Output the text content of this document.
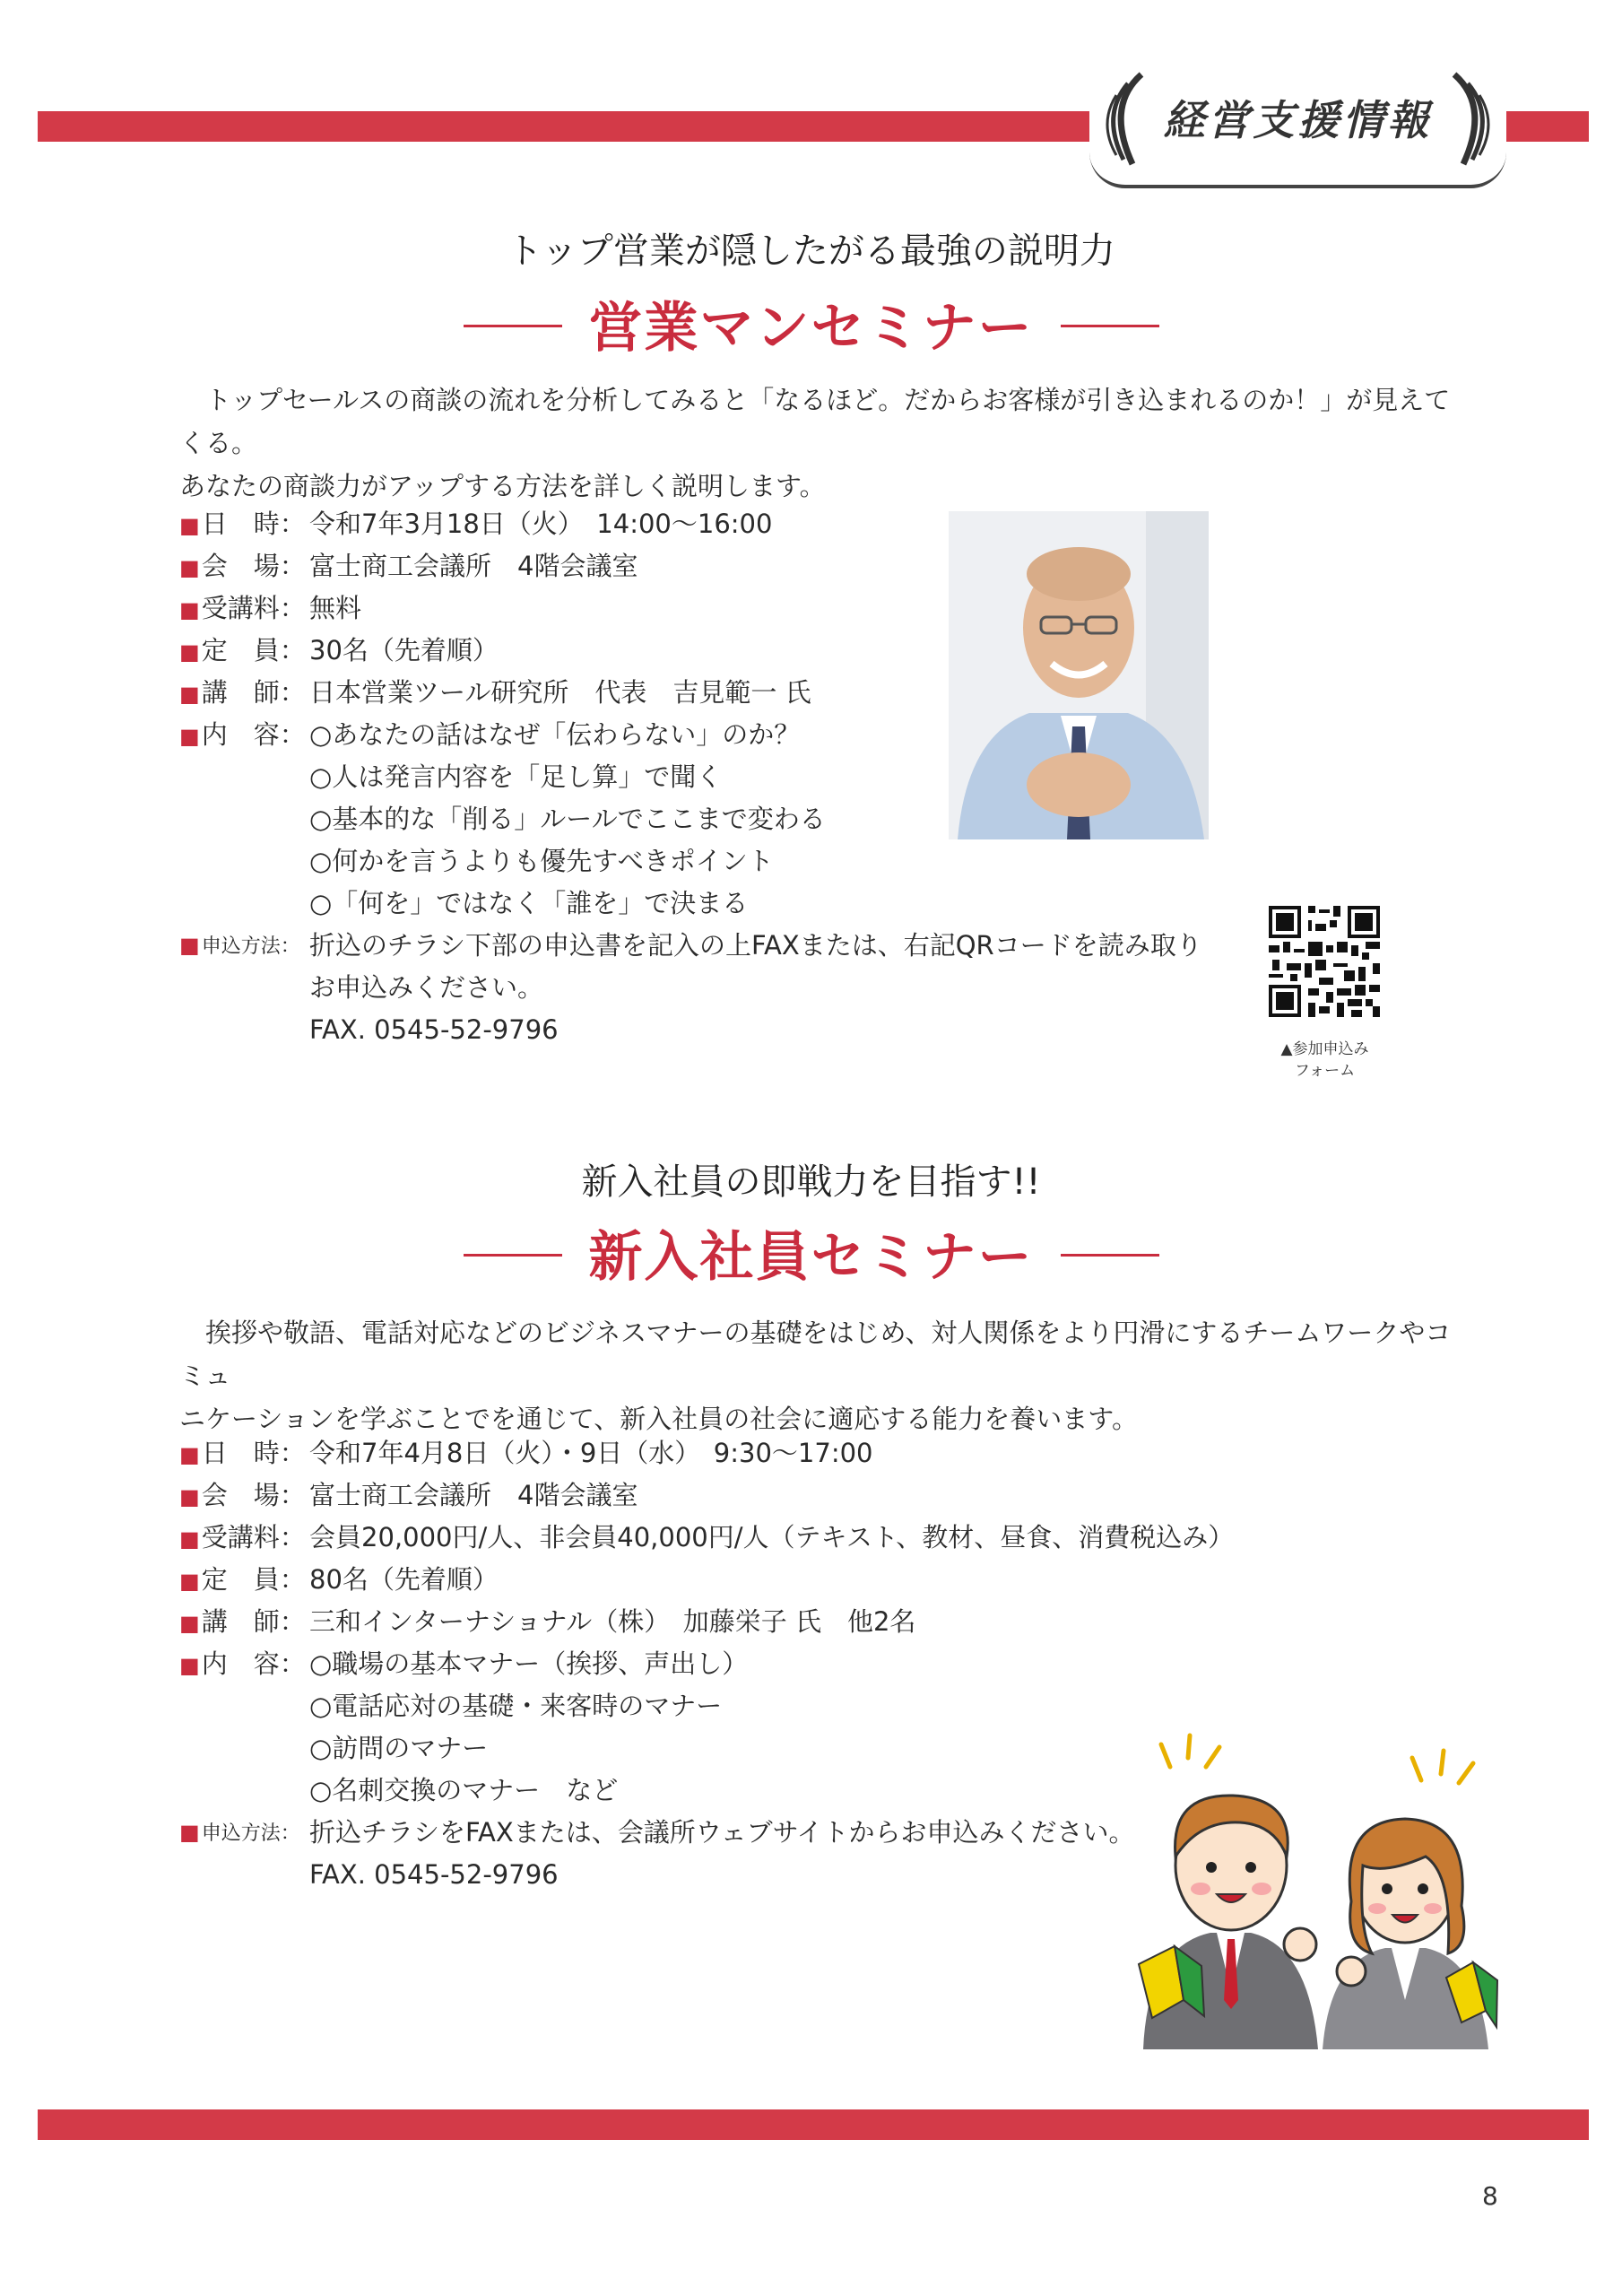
経営支援情報
トップ営業が隠したがる最強の説明力
営業マンセミナー
　トップセールスの商談の流れを分析してみると「なるほど。だからお客様が引き込まれるのか！」が見えてくる。
あなたの商談力がアップする方法を詳しく説明します。
■日　時： 令和7年3月18日（火）　14:00～16:00
■会　場： 富士商工会議所　4階会議室
■受講料： 無料
■定　員： 30名（先着順）
■講　師： 日本営業ツール研究所　代表　吉見範一 氏
■内　容： ○あなたの話はなぜ「伝わらない」のか？
○人は発言内容を「足し算」で聞く
○基本的な「削る」ルールでここまで変わる
○何かを言うよりも優先すべきポイント
○「何を」ではなく「誰を」で決まる
■申込方法： 折込のチラシ下部の申込書を記入の上FAXまたは、右記QRコードを読み取り
お申込みください。
FAX. 0545-52-9796
▲参加申込み
フォーム
新入社員の即戦力を目指す!!
新入社員セミナー
　挨拶や敬語、電話対応などのビジネスマナーの基礎をはじめ、対人関係をより円滑にするチームワークやコミュ
ニケーションを学ぶことでを通じて、新入社員の社会に適応する能力を養います。
■日　時： 令和7年4月8日（火）・9日（水）　9:30～17:00
■会　場： 富士商工会議所　4階会議室
■受講料： 会員20,000円/人、非会員40,000円/人（テキスト、教材、昼食、消費税込み）
■定　員： 80名（先着順）
■講　師： 三和インターナショナル（株）　加藤栄子 氏　他2名
■内　容： ○職場の基本マナー（挨拶、声出し）
○電話応対の基礎・来客時のマナー
○訪問のマナー
○名刺交換のマナー　など
■申込方法： 折込チラシをFAXまたは、会議所ウェブサイトからお申込みください。
FAX. 0545-52-9796
8
